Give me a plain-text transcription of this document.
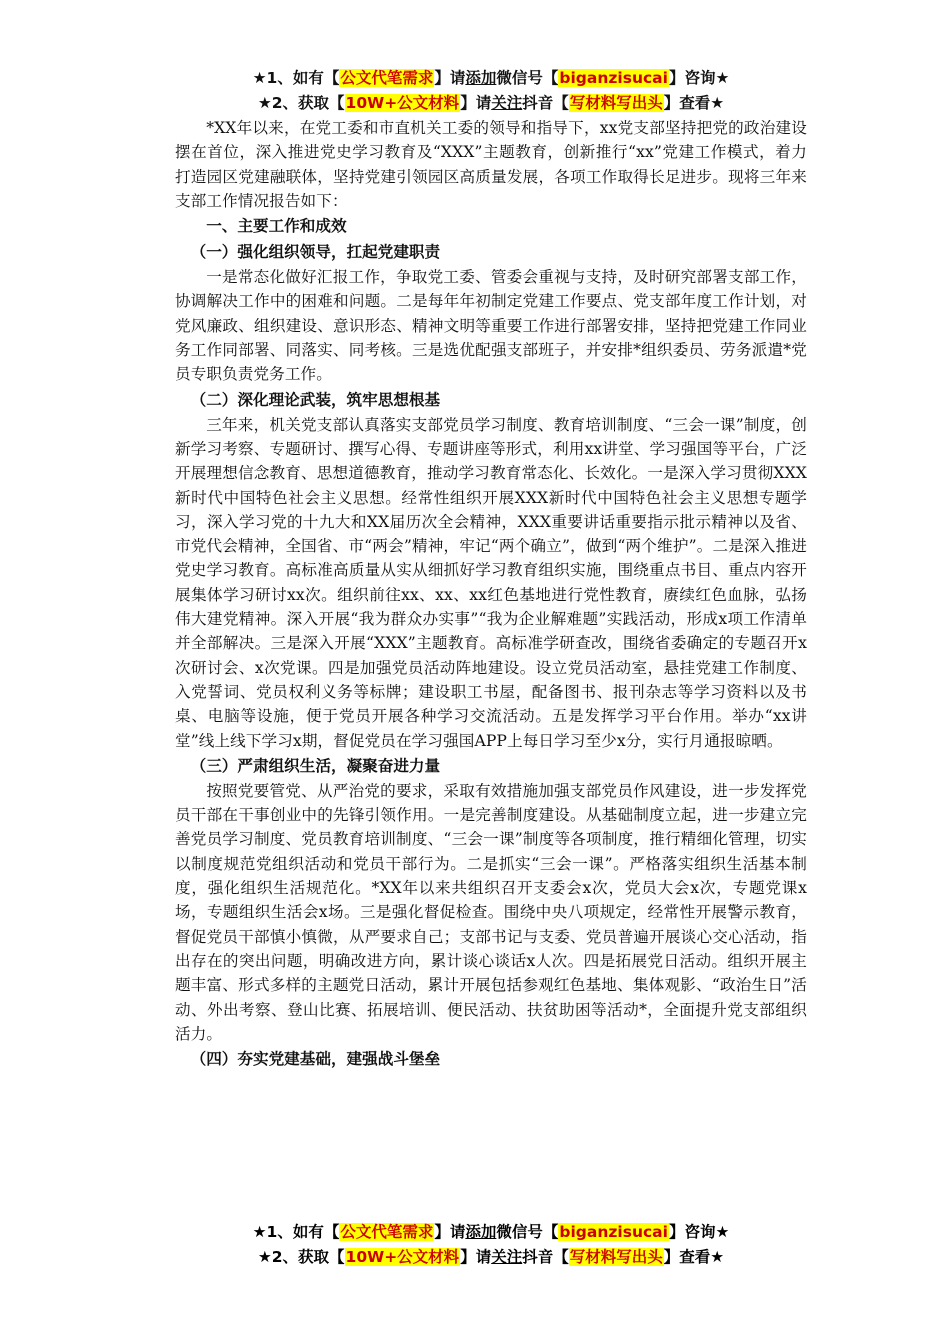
★1、如有【公文代笔需求】请添加微信号【biganzisucai】咨询★
★2、获取【10W+公文材料】请关注抖音【写材料写出头】查看★

*XX年以来，在党工委和市直机关工委的领导和指导下，xx党支部坚持把党的政治建设摆在首位，深入推进党史学习教育及“XXX”主题教育，创新推行“xx”党建工作模式，着力打造园区党建融联体，坚持党建引领园区高质量发展，各项工作取得长足进步。现将三年来支部工作情况报告如下：

一、主要工作和成效

（一）强化组织领导，扛起党建职责

一是常态化做好汇报工作，争取党工委、管委会重视与支持，及时研究部署支部工作，协调解决工作中的困难和问题。二是每年年初制定党建工作要点、党支部年度工作计划，对党风廉政、组织建设、意识形态、精神文明等重要工作进行部署安排，坚持把党建工作同业务工作同部署、同落实、同考核。三是选优配强支部班子，并安排*组织委员、劳务派遣*党员专职负责党务工作。

（二）深化理论武装，筑牢思想根基

三年来，机关党支部认真落实支部党员学习制度、教育培训制度、“三会一课”制度，创新学习考察、专题研讨、撰写心得、专题讲座等形式，利用xx讲堂、学习强国等平台，广泛开展理想信念教育、思想道德教育，推动学习教育常态化、长效化。一是深入学习贯彻XXX新时代中国特色社会主义思想。经常性组织开展XXX新时代中国特色社会主义思想专题学习，深入学习党的十九大和XX届历次全会精神，XXX重要讲话重要指示批示精神以及省、市党代会精神，全国省、市“两会”精神，牢记“两个确立”，做到“两个维护”。二是深入推进党史学习教育。高标准高质量从实从细抓好学习教育组织实施，围绕重点书目、重点内容开展集体学习研讨xx次。组织前往xx、xx、xx红色基地进行党性教育，赓续红色血脉，弘扬伟大建党精神。深入开展“我为群众办实事”“我为企业解难题”实践活动，形成x项工作清单并全部解决。三是深入开展“XXX”主题教育。高标准学研查改，围绕省委确定的专题召开x次研讨会、x次党课。四是加强党员活动阵地建设。设立党员活动室，悬挂党建工作制度、入党誓词、党员权利义务等标牌；建设职工书屋，配备图书、报刊杂志等学习资料以及书桌、电脑等设施，便于党员开展各种学习交流活动。五是发挥学习平台作用。举办“xx讲堂”线上线下学习x期，督促党员在学习强国APP上每日学习至少x分，实行月通报晾晒。

（三）严肃组织生活，凝聚奋进力量

按照党要管党、从严治党的要求，采取有效措施加强支部党员作风建设，进一步发挥党员干部在干事创业中的先锋引领作用。一是完善制度建设。从基础制度立起，进一步建立完善党员学习制度、党员教育培训制度、“三会一课”制度等各项制度，推行精细化管理，切实以制度规范党组织活动和党员干部行为。二是抓实“三会一课”。严格落实组织生活基本制度，强化组织生活规范化。*XX年以来共组织召开支委会x次，党员大会x次，专题党课x场，专题组织生活会x场。三是强化督促检查。围绕中央八项规定，经常性开展警示教育，督促党员干部慎小慎微，从严要求自己；支部书记与支委、党员普遍开展谈心交心活动，指出存在的突出问题，明确改进方向，累计谈心谈话x人次。四是拓展党日活动。组织开展主题丰富、形式多样的主题党日活动，累计开展包括参观红色基地、集体观影、“政治生日”活动、外出考察、登山比赛、拓展培训、便民活动、扶贫助困等活动*，全面提升党支部组织活力。

（四）夯实党建基础，建强战斗堡垒

★1、如有【公文代笔需求】请添加微信号【biganzisucai】咨询★
★2、获取【10W+公文材料】请关注抖音【写材料写出头】查看★
